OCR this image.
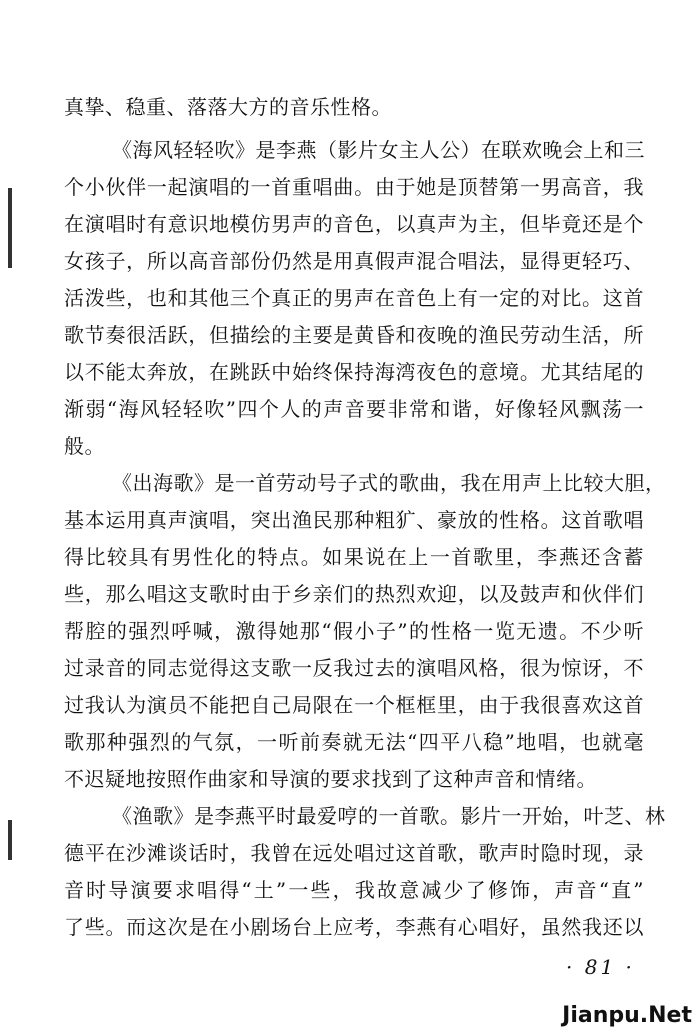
真挚、稳重、落落大方的音乐性格。
《海风轻轻吹》是李燕（影片女主人公）在联欢晚会上和三
个小伙伴一起演唱的一首重唱曲。由于她是顶替第一男高音，我
在演唱时有意识地模仿男声的音色，以真声为主，但毕竟还是个
女孩子，所以高音部份仍然是用真假声混合唱法，显得更轻巧、
活泼些，也和其他三个真正的男声在音色上有一定的对比。这首
歌节奏很活跃，但描绘的主要是黄昏和夜晚的渔民劳动生活，所
以不能太奔放，在跳跃中始终保持海湾夜色的意境。尤其结尾的
渐弱“海风轻轻吹”四个人的声音要非常和谐，好像轻风飘荡一
般。
《出海歌》是一首劳动号子式的歌曲，我在用声上比较大胆，
基本运用真声演唱，突出渔民那种粗犷、豪放的性格。这首歌唱
得比较具有男性化的特点。如果说在上一首歌里，李燕还含蓄
些，那么唱这支歌时由于乡亲们的热烈欢迎，以及鼓声和伙伴们
帮腔的强烈呼喊，激得她那“假小子”的性格一览无遗。不少听
过录音的同志觉得这支歌一反我过去的演唱风格，很为惊讶，不
过我认为演员不能把自己局限在一个框框里，由于我很喜欢这首
歌那种强烈的气氛，一听前奏就无法“四平八稳”地唱，也就毫
不迟疑地按照作曲家和导演的要求找到了这种声音和情绪。
《渔歌》是李燕平时最爱哼的一首歌。影片一开始，叶芝、林
德平在沙滩谈话时，我曾在远处唱过这首歌，歌声时隐时现，录
音时导演要求唱得“土”一些，我故意减少了修饰，声音“直”
了些。而这次是在小剧场台上应考，李燕有心唱好，虽然我还以
· 81 ·
Jianpu.Net
